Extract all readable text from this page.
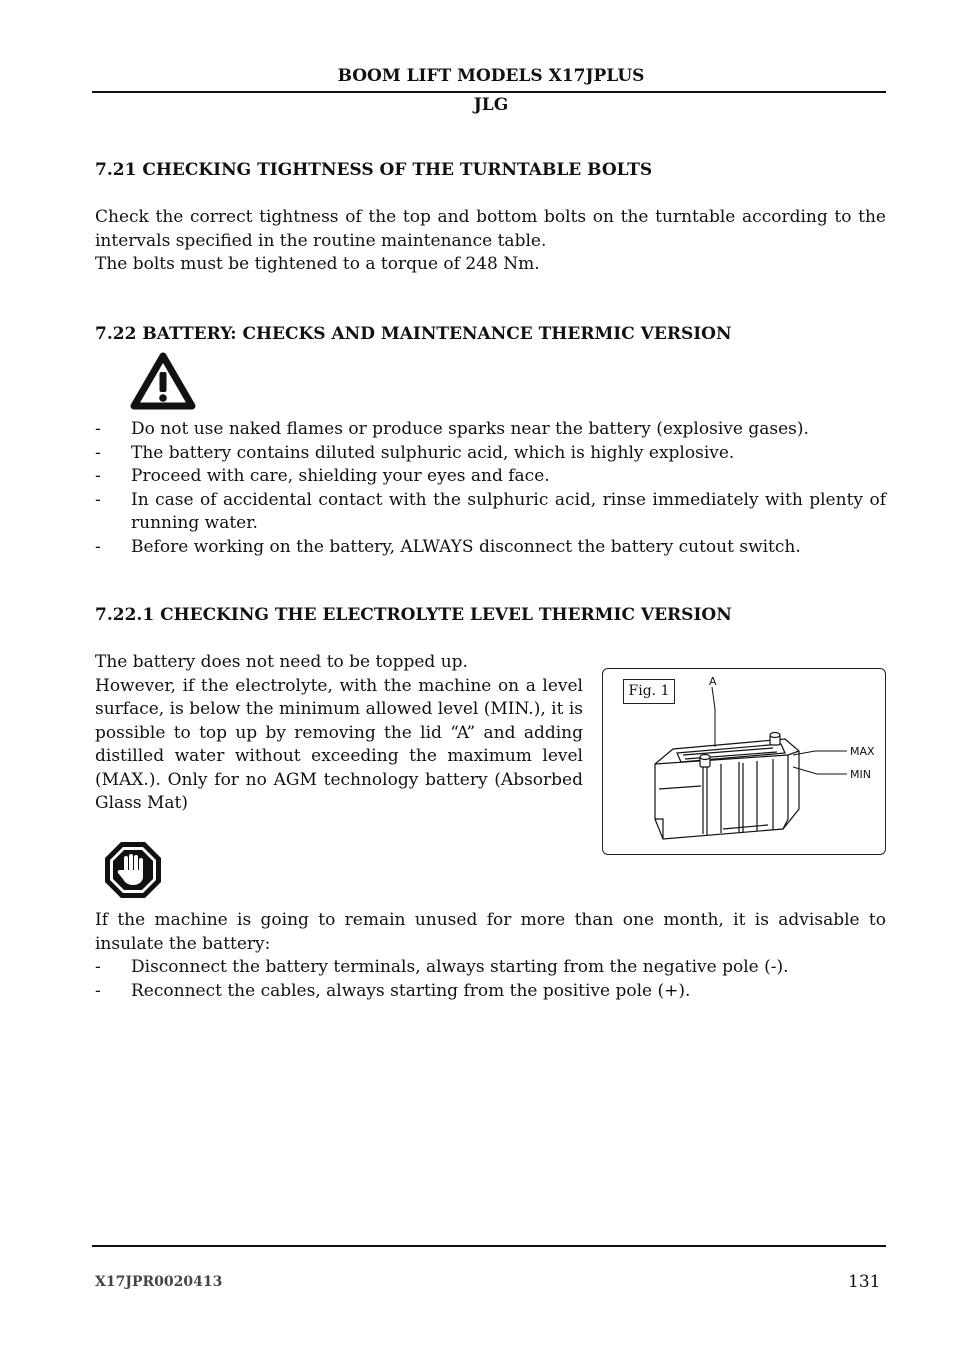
BOOM LIFT MODELS X17JPLUS
JLG
7.21 CHECKING TIGHTNESS OF THE TURNTABLE BOLTS

Check the correct tightness of the top and bottom bolts on the turntable according to the intervals specified in the routine maintenance table.

The bolts must be tightened to a torque of 248 Nm.

7.22 BATTERY: CHECKS AND MAINTENANCE THERMIC VERSION
- Do not use naked flames or produce sparks near the battery (explosive gases).
- The battery contains diluted sulphuric acid, which is highly explosive.
- Proceed with care, shielding your eyes and face.
- In case of accidental contact with the sulphuric acid, rinse immediately with plenty of running water.
- Before working on the battery, ALWAYS disconnect the battery cutout switch.
7.22.1 CHECKING THE ELECTROLYTE LEVEL THERMIC VERSION

The battery does not need to be topped up.

However, if the electrolyte, with the machine on a level surface, is below the minimum allowed level (MIN.), it is possible to top up by removing the lid “A” and adding distilled water without exceeding the maximum level (MAX.). Only for no AGM technology battery (Absorbed Glass Mat)

A
MAX
MIN
Fig. 1
If the machine is going to remain unused for more than one month, it is advisable to insulate the battery:
- Disconnect the battery terminals, always starting from the negative pole (-).
- Reconnect the cables, always starting from the positive pole (+).
X17JPR0020413	131
